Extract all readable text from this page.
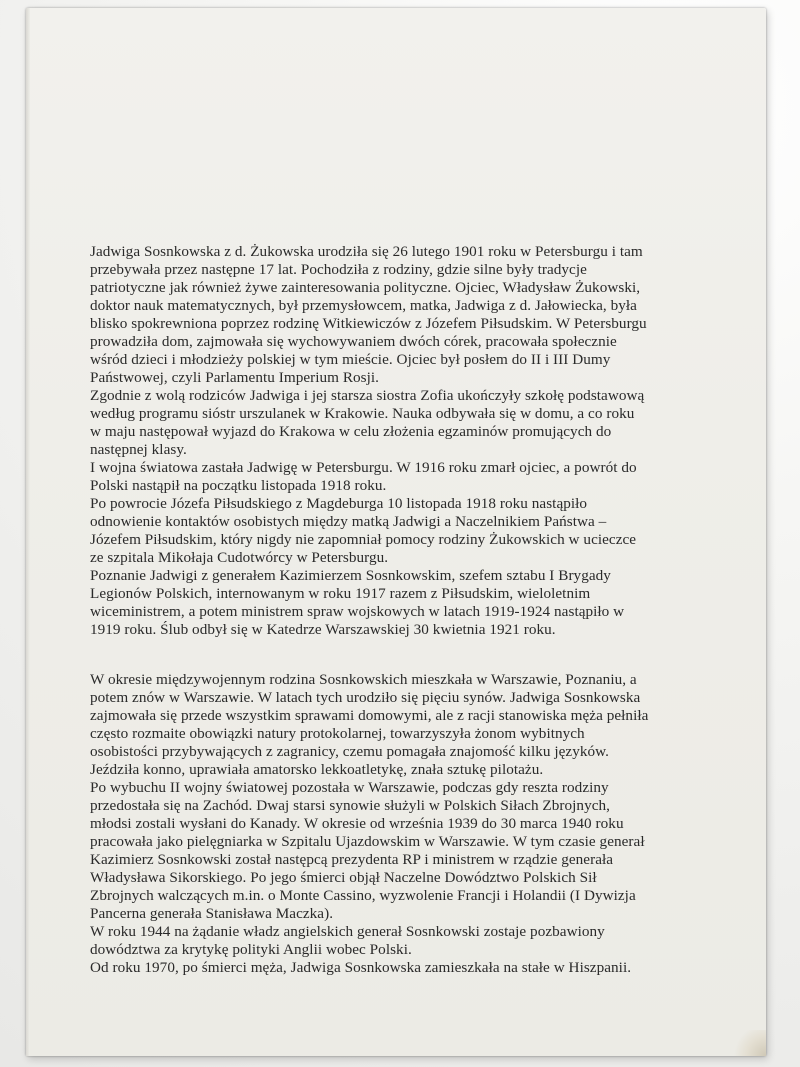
Jadwiga Sosnkowska z d. Żukowska urodziła się 26 lutego 1901 roku w Petersburgu i tam
przebywała przez następne 17 lat. Pochodziła z rodziny, gdzie silne były tradycje
patriotyczne jak również żywe zainteresowania polityczne. Ojciec, Władysław Żukowski,
doktor nauk matematycznych, był przemysłowcem, matka, Jadwiga z d. Jałowiecka, była
blisko spokrewniona poprzez rodzinę Witkiewiczów z Józefem Piłsudskim. W Petersburgu
prowadziła dom, zajmowała się wychowywaniem dwóch córek, pracowała społecznie
wśród dzieci i młodzieży polskiej w tym mieście. Ojciec był posłem do II i III Dumy
Państwowej, czyli Parlamentu Imperium Rosji.
Zgodnie z wolą rodziców Jadwiga i jej starsza siostra Zofia ukończyły szkołę podstawową
według programu sióstr urszulanek w Krakowie. Nauka odbywała się w domu, a co roku
w maju następował wyjazd do Krakowa w celu złożenia egzaminów promujących do
następnej klasy.
I wojna światowa zastała Jadwigę w Petersburgu. W 1916 roku zmarł ojciec, a powrót do
Polski nastąpił na początku listopada 1918 roku.
Po powrocie Józefa Piłsudskiego z Magdeburga 10 listopada 1918 roku nastąpiło
odnowienie kontaktów osobistych między matką Jadwigi a Naczelnikiem Państwa –
Józefem Piłsudskim, który nigdy nie zapomniał pomocy rodziny Żukowskich w ucieczce
ze szpitala Mikołaja Cudotwórcy w Petersburgu.
Poznanie Jadwigi z generałem Kazimierzem Sosnkowskim, szefem sztabu I Brygady
Legionów Polskich, internowanym w roku 1917 razem z Piłsudskim, wieloletnim
wiceministrem, a potem ministrem spraw wojskowych w latach 1919-1924 nastąpiło w
1919 roku. Ślub odbył się w Katedrze Warszawskiej 30 kwietnia 1921 roku.
W okresie międzywojennym rodzina Sosnkowskich mieszkała w Warszawie, Poznaniu, a
potem znów w Warszawie. W latach tych urodziło się pięciu synów. Jadwiga Sosnkowska
zajmowała się przede wszystkim sprawami domowymi, ale z racji stanowiska męża pełniła
często rozmaite obowiązki natury protokolarnej, towarzyszyła żonom wybitnych
osobistości przybywających z zagranicy, czemu pomagała znajomość kilku języków.
Jeździła konno, uprawiała amatorsko lekkoatletykę, znała sztukę pilotażu.
Po wybuchu II wojny światowej pozostała w Warszawie, podczas gdy reszta rodziny
przedostała się na Zachód. Dwaj starsi synowie służyli w Polskich Siłach Zbrojnych,
młodsi zostali wysłani do Kanady. W okresie od września 1939 do 30 marca 1940 roku
pracowała jako pielęgniarka w Szpitalu Ujazdowskim w Warszawie. W tym czasie generał
Kazimierz Sosnkowski został następcą prezydenta RP i ministrem w rządzie generała
Władysława Sikorskiego. Po jego śmierci objął Naczelne Dowództwo Polskich Sił
Zbrojnych walczących m.in. o Monte Cassino, wyzwolenie Francji i Holandii (I Dywizja
Pancerna generała Stanisława Maczka).
W roku 1944 na żądanie władz angielskich generał Sosnkowski zostaje pozbawiony
dowództwa za krytykę polityki Anglii wobec Polski.
Od roku 1970, po śmierci męża, Jadwiga Sosnkowska zamieszkała na stałe w Hiszpanii.
